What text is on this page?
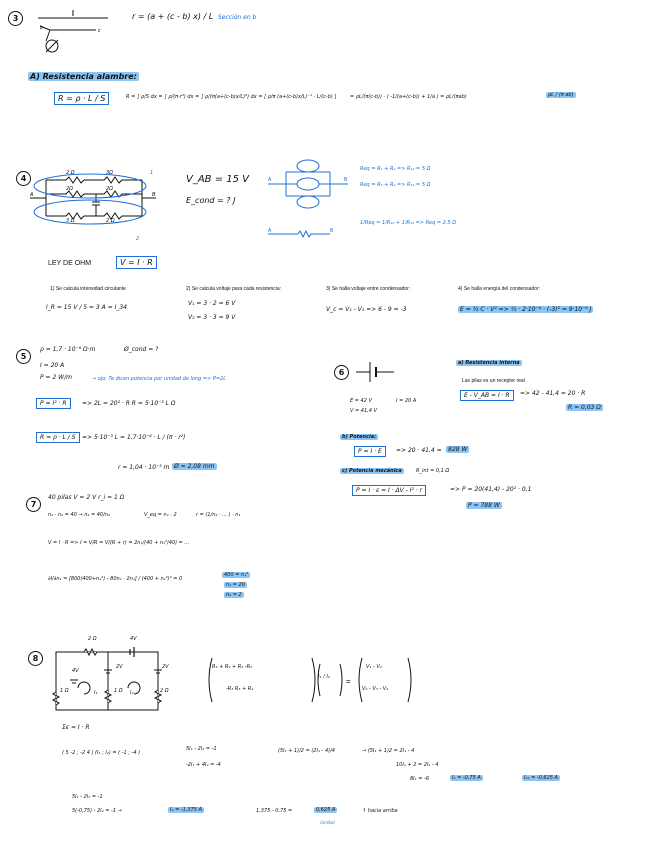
3
b	c
r = (a + (c - b) x) / L Sección en b
A) Resistencia alambre:
R = ρ · L / S	R = ∫ ρ/S dx = ∫ ρ/(π·r²) dx = ∫ ρ/(π(a+(c-b)x/L)²) dx = [ ρ/π (a+(c-b)x/L)⁻¹ · L/(c-b) ]	= ρL/(π(c-b)) · ( -1/(a+(c-b)) + 1/a ) = ρL/(πab)	ρL / (π·ab)
4
A	B
2 Ω	3Ω
2Ω	2Ω
3 Ω	2 Ω
1
2
V_AB = 15 V
E_cond = ? J
A	B
A	B
Req = R₁ + R₂ => R₁₂ = 5 Ω
Req = R₃ + R₄ => R₃₄ = 5 Ω
1/Req = 1/R₁₂ + 1/R₃₄ => Req = 2,5 Ω
LEY DE OHM	V = I · R
1) Se calcula intensidad circulante	2) Se calcula voltaje para cada resistencia:	3) Se halla voltaje entre condensador:	4) Se halla energía del condensador:
I_R = 15 V / 5 = 3 A = I_34
V₁ = 3 · 2 = 6 V
V₂ = 3 · 3 = 9 V
V_c = V₁ - V₂ => 6 - 9 = -3	E = ½ C · V² => ½ · 2·10⁻⁶ · (-3)² = 9·10⁻⁶ J
5
ρ = 1,7 · 10⁻⁸ Ω·m	Ø_cond = ?
I = 20 A
P = 2 W/m	→ ojo: Te dicen potencia por unidad de long => P=2L
P = I² · R	=> 2L = 20² · R R = 5·10⁻³ L Ω
R = ρ · L / S	=> 5·10⁻³ L = 1,7·10⁻⁸ · L / (π · r²)
r = 1,04 · 10⁻³ m Ø = 2,08 mm
6
E = 42 V	I = 20 A
V = 41,4 V
a) Resistencia interna
Las pilas es un receptor real
E - V_AB = I · R	=> 42 - 41,4 = 20 · R
R = 0,03 Ω
b) Potencia:
P = I · E	=> 20 · 41,4 =	828 W
c) Potencia mecánica	R_int = 0,1 Ω
P = I · ε = I · ΔV - I² · r	=> P = 20(41,4) - 20² · 0,1
P = 788 W
7
40 pilas V = 2 V r_i = 1 Ω
n₁ · n₂ = 40 → n₁ = 40/n₂	V_eq = n₁ · 2	r = (1/n₂ · ... ) · n₁
V = I · R => I = V/R = V/(R + r) = 2n₁/(40 + n₁²/40) = ...
∂I/∂n₁ = [800(400+n₁²) - 80n₁ · 2n₁] / (400 + n₁²)² = 0
400 = n₁²
n₁ = 20
n₂ = 2
8
2 Ω	4V
4V
2V	2V
1 Ω	1 Ω	2 Ω
I₁	I₂
R₁ + R₂ + R₃ -R₃
-R₃ R₃ + R₄
I₁ / I₂
V₁ - V₂
V₂ - V₃ - V₄
=
Σε = I · R
( 5 -2 ; -2 4 ) (I₁ ; I₂) = ( -1 ; -4 )
5I₁ - 2I₂ = -1
-2I₁ + 4I₂ = -4
(5I₁ + 1)/2 = (2I₁ - 4)/4	→ (5I₁ + 1)2 = 2I₁ - 4
10I₁ + 2 = 2I₁ - 4
8I₁ = -6	I₁ = -0,75 A	I₂₁ = -0,625 A
5I₁ - 2I₂ = -1
5(-0,75) - 2I₂ = -1 →	I₂ = -1,375 A	1,375 - 0,75 =	0,625 A
(arriba)
↑ hacia arriba
